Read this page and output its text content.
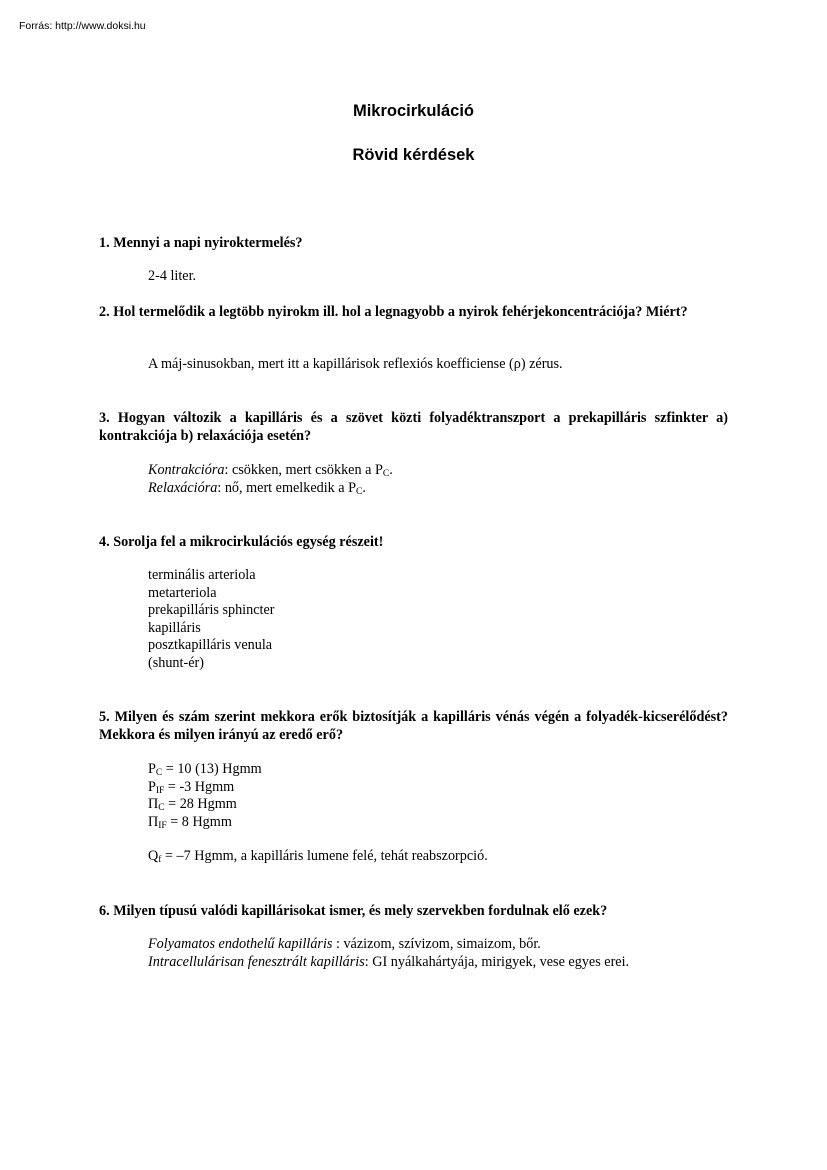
Forrás: http://www.doksi.hu
Mikrocirkuláció
Rövid kérdések
1. Mennyi a napi nyiroktermelés?
2-4 liter.
2. Hol termelődik a legtöbb nyirokm ill. hol a legnagyobb a nyirok fehérjekoncentrációja? Miért?
A máj-sinusokban, mert itt a kapillárisok reflexiós koefficiense (ρ) zérus.
3. Hogyan változik a kapilláris és a szövet közti folyadéktranszport a prekapilláris szfinkter a) kontrakciója b) relaxációja esetén?
Kontrakcióra: csökken, mert csökken a $P_C$.
Relaxációra: nő, mert emelkedik a $P_C$.
4. Sorolja fel a mikrocirkulációs egység részeit!
terminális arteriola
metarteriola
prekapilláris sphincter
kapilláris
posztkapilláris venula
(shunt-ér)
5. Milyen és szám szerint mekkora erők biztosítják a kapilláris vénás végén a folyadék-kicserélődést? Mekkora és milyen irányú az eredő erő?
$P_C = 10$ (13) Hgmm
$P_{IF} = -3$ Hgmm
$\Pi_C = 28$ Hgmm
$\Pi_{IF} = 8$ Hgmm
$Q_f = -7$ Hgmm, a kapilláris lumene felé, tehát reabszorpció.
6. Milyen típusú valódi kapillárisokat ismer, és mely szervekben fordulnak elő ezek?
Folyamatos endothelű kapilláris : vázizom, szívizom, simaizom, bőr.
Intracellulárisan fenesztrált kapilláris: GI nyálkahártyája, mirigyek, vese egyes erei.
